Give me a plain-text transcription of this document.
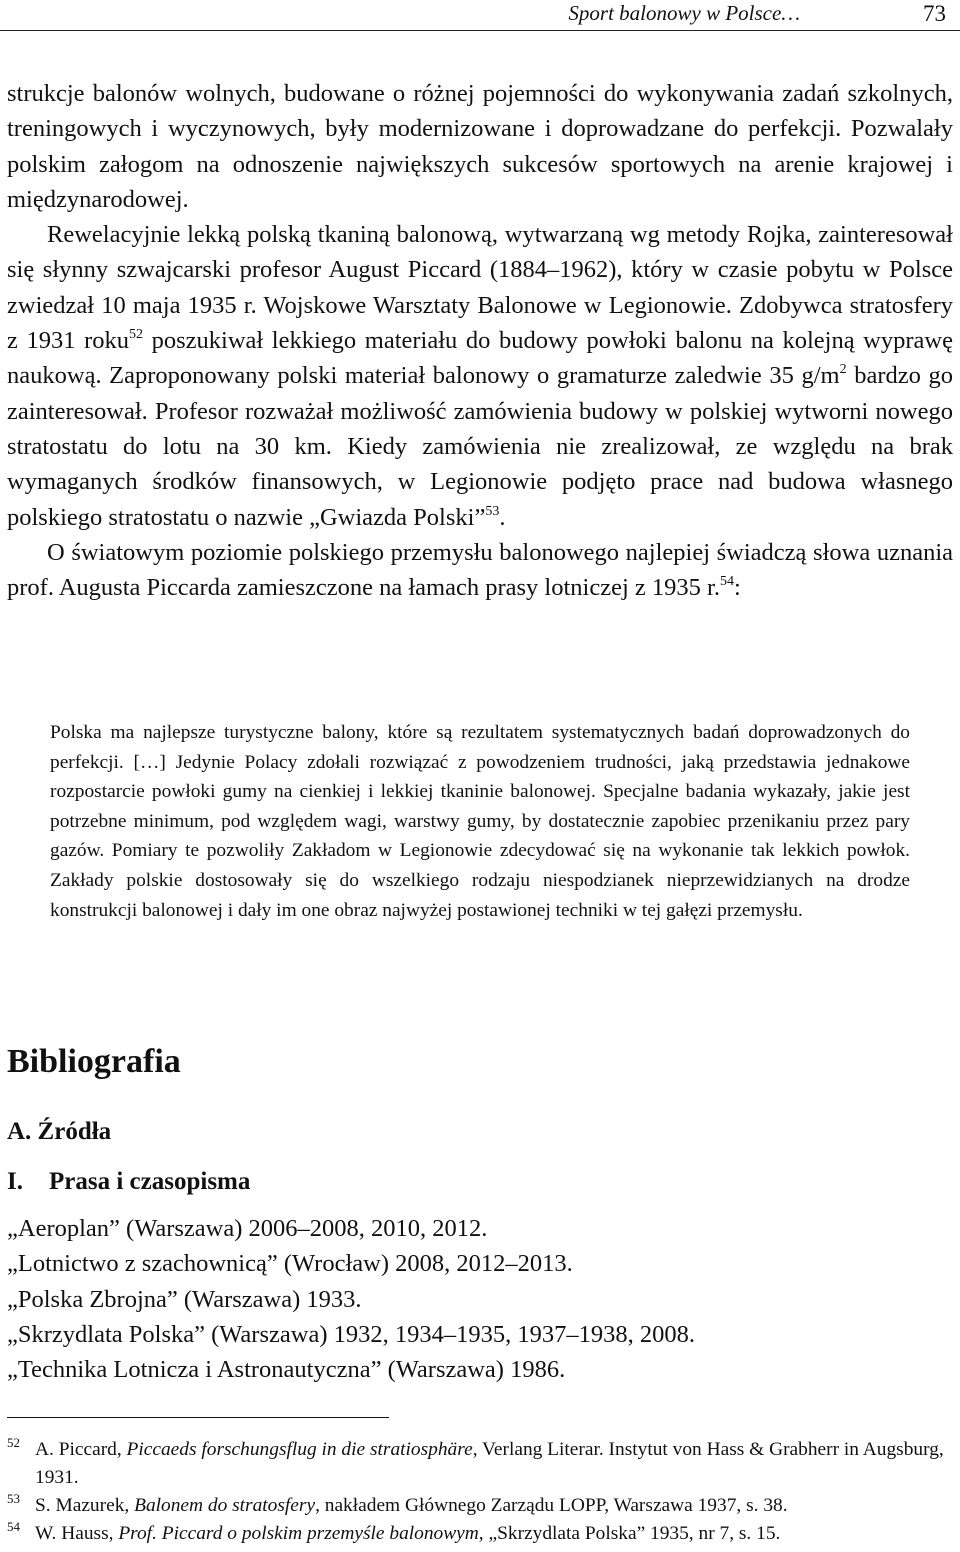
Sport balonowy w Polsce…	73

strukcje balonów wolnych, budowane o różnej pojemności do wykonywania zadań szkolnych, treningowych i wyczynowych, były modernizowane i doprowadzane do perfekcji. Pozwalały polskim załogom na odnoszenie największych sukcesów sportowych na arenie krajowej i międzynarodowej.

Rewelacyjnie lekką polską tkaniną balonową, wytwarzaną wg metody Rojka, zainteresował się słynny szwajcarski profesor August Piccard (1884–1962), który w czasie pobytu w Polsce zwiedzał 10 maja 1935 r. Wojskowe Warsztaty Balonowe w Legionowie. Zdobywca stratosfery z 1931 roku$^{52}$ poszukiwał lekkiego materiału do budowy powłoki balonu na kolejną wyprawę naukową. Zaproponowany polski materiał balonowy o gramaturze zaledwie 35 g/m$^2$ bardzo go zainteresował. Profesor rozważał możliwość zamówienia budowy w polskiej wytworni nowego stratostatu do lotu na 30 km. Kiedy zamówienia nie zrealizował, ze względu na brak wymaganych środków finansowych, w Legionowie podjęto prace nad budowa własnego polskiego stratostatu o nazwie „Gwiazda Polski”$^{53}$.

O światowym poziomie polskiego przemysłu balonowego najlepiej świadczą słowa uznania prof. Augusta Piccarda zamieszczone na łamach prasy lotniczej z 1935 r.$^{54}$:

Polska ma najlepsze turystyczne balony, które są rezultatem systematycznych badań doprowadzonych do perfekcji. […] Jedynie Polacy zdołali rozwiązać z powodzeniem trudności, jaką przedstawia jednakowe rozpostarcie powłoki gumy na cienkiej i lekkiej tkaninie balonowej. Specjalne badania wykazały, jakie jest potrzebne minimum, pod względem wagi, warstwy gumy, by dostatecznie zapobiec przenikaniu przez pary gazów. Pomiary te pozwoliły Zakładom w Legionowie zdecydować się na wykonanie tak lekkich powłok. Zakłady polskie dostosowały się do wszelkiego rodzaju niespodzianek nieprzewidzianych na drodze konstrukcji balonowej i dały im one obraz najwyżej postawionej techniki w tej gałęzi przemysłu.

Bibliografia
A. Źródła
I. Prasa i czasopisma
„Aeroplan” (Warszawa) 2006–2008, 2010, 2012.
„Lotnictwo z szachownicą” (Wrocław) 2008, 2012–2013.
„Polska Zbrojna” (Warszawa) 1933.
„Skrzydlata Polska” (Warszawa) 1932, 1934–1935, 1937–1938, 2008.
„Technika Lotnicza i Astronautyczna” (Warszawa) 1986.
52 A. Piccard, Piccaeds forschungsflug in die stratiosphäre, Verlang Literar. Instytut von Hass & Grabherr in Augsburg, 1931.
53 S. Mazurek, Balonem do stratosfery, nakładem Głównego Zarządu LOPP, Warszawa 1937, s. 38.
54 W. Hauss, Prof. Piccard o polskim przemyśle balonowym, „Skrzydlata Polska” 1935, nr 7, s. 15.
